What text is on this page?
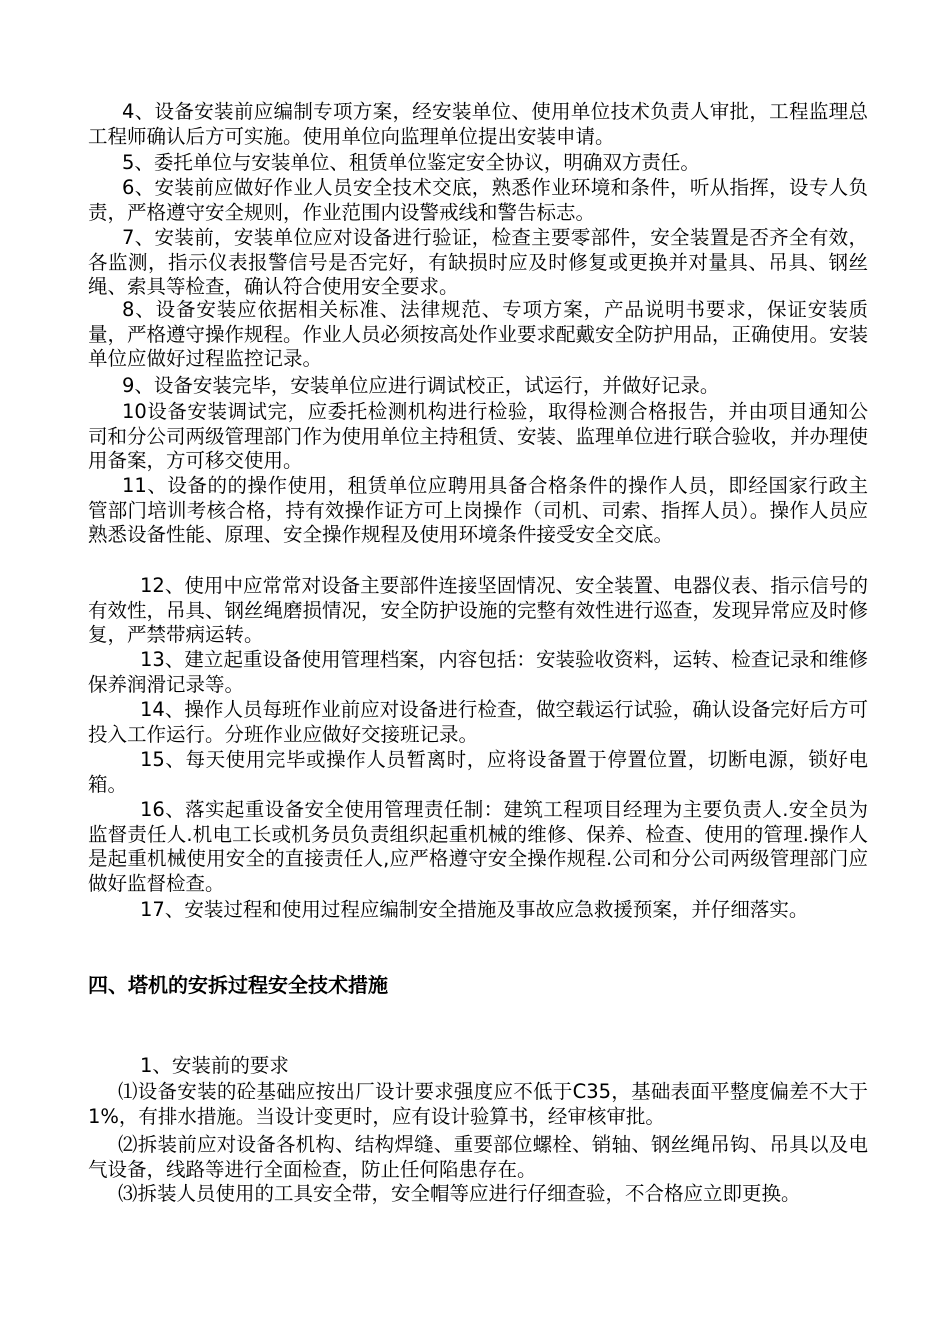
4、设备安装前应编制专项方案，经安装单位、使用单位技术负责人审批，工程监理总工程师确认后方可实施。使用单位向监理单位提出安装申请。

5、委托单位与安装单位、租赁单位鉴定安全协议，明确双方责任。

6、安装前应做好作业人员安全技术交底，熟悉作业环境和条件，听从指挥，设专人负责，严格遵守安全规则，作业范围内设警戒线和警告标志。

7、安装前，安装单位应对设备进行验证，检查主要零部件，安全装置是否齐全有效，各监测，指示仪表报警信号是否完好，有缺损时应及时修复或更换并对量具、吊具、钢丝绳、索具等检查，确认符合使用安全要求。

8、设备安装应依据相关标准、法律规范、专项方案，产品说明书要求，保证安装质量，严格遵守操作规程。作业人员必须按高处作业要求配戴安全防护用品，正确使用。安装单位应做好过程监控记录。

9、设备安装完毕，安装单位应进行调试校正，试运行，并做好记录。

10设备安装调试完，应委托检测机构进行检验，取得检测合格报告，并由项目通知公司和分公司两级管理部门作为使用单位主持租赁、安装、监理单位进行联合验收，并办理使用备案，方可移交使用。

11、设备的的操作使用，租赁单位应聘用具备合格条件的操作人员，即经国家行政主管部门培训考核合格，持有效操作证方可上岗操作（司机、司索、指挥人员）。操作人员应熟悉设备性能、原理、安全操作规程及使用环境条件接受安全交底。

12、使用中应常常对设备主要部件连接坚固情况、安全装置、电器仪表、指示信号的有效性，吊具、钢丝绳磨损情况，安全防护设施的完整有效性进行巡查，发现异常应及时修复，严禁带病运转。

13、建立起重设备使用管理档案，内容包括：安装验收资料，运转、检查记录和维修保养润滑记录等。

14、操作人员每班作业前应对设备进行检查，做空载运行试验，确认设备完好后方可投入工作运行。分班作业应做好交接班记录。

15、每天使用完毕或操作人员暂离时，应将设备置于停置位置，切断电源，锁好电箱。

16、落实起重设备安全使用管理责任制：建筑工程项目经理为主要负责人.安全员为监督责任人.机电工长或机务员负责组织起重机械的维修、保养、检查、使用的管理.操作人是起重机械使用安全的直接责任人,应严格遵守安全操作规程.公司和分公司两级管理部门应做好监督检查。

17、安装过程和使用过程应编制安全措施及事故应急救援预案，并仔细落实。

四、塔机的安拆过程安全技术措施

1、安装前的要求

⑴设备安装的砼基础应按出厂设计要求强度应不低于C35，基础表面平整度偏差不大于1%，有排水措施。当设计变更时，应有设计验算书，经审核审批。

⑵拆装前应对设备各机构、结构焊缝、重要部位螺栓、销轴、钢丝绳吊钩、吊具以及电气设备，线路等进行全面检查，防止任何陷患存在。

⑶拆装人员使用的工具安全带，安全帽等应进行仔细查验，不合格应立即更换。
